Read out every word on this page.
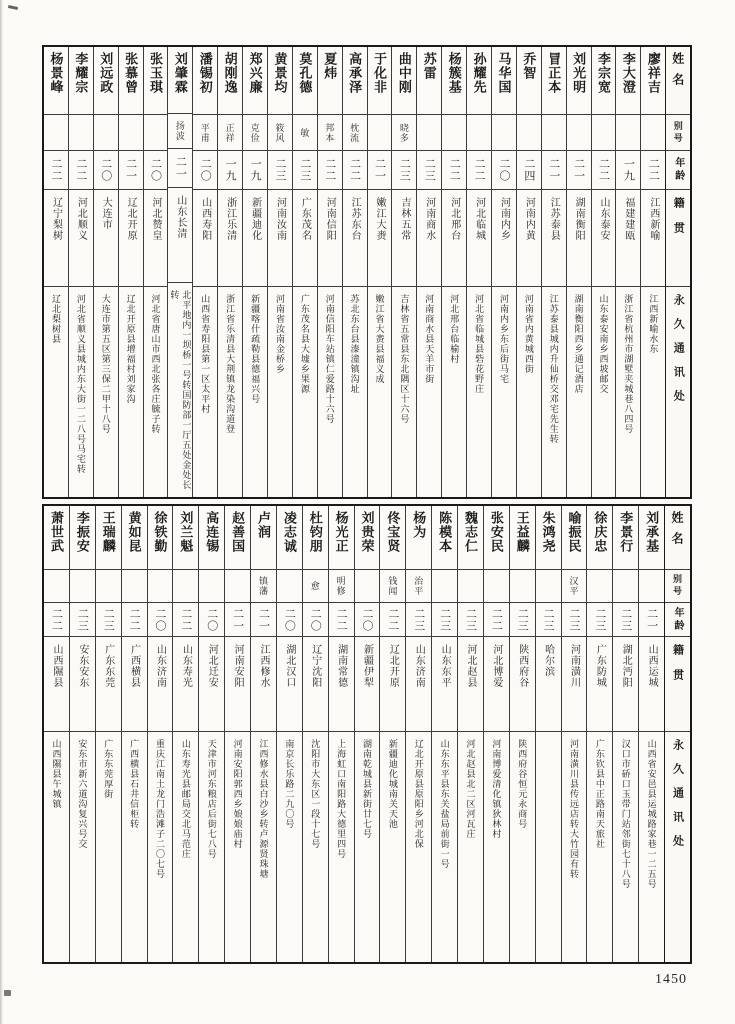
杨景峰
二二
辽宁梨树
辽北梨树县
李耀宗
二二
河北顺义
河北省顺义县城内东大街一二八号马宅转
刘远政
二〇
大连市
大连市第五区第三保二甲十八号
张慕曾
二一
辽北开原
辽北开原县增福村刘家沟
张玉琪
二〇
河北赞皇
河北省唐山市西北张各庄毓子转
刘肇霖
扬波
二一
山东长清
北平地内一坝桥一号转国防部一厅五处金处长转
潘锡初
平甫
二〇
山西寿阳
山西省寿阳县第一区太平村
胡刚逸
正祥
一九
浙江乐清
浙江省乐清县大荆镇龙染沟道登
郑兴廉
克俭
一九
新疆迪化
新疆喀什疏勒县德福兴号
黄景均
筱风
二三
河南汝南
河南省汝南金桥乡
莫孔德
敏
二三
广东茂名
广东茂名县大墟乡果源
夏炜
邦本
二二
河南信阳
河南信阳车站镇仁爱路十六号
高承泽
枕流
二二
江苏东台
苏北东台县溱潼镇沟址
于化非
二一
嫩江大赉
嫩江省大赉县福义成
曲中刚
晓多
二三
吉林五常
吉林省五常县东北隅区十六号
苏雷
二三
河南商水
河南商水县天羊市街
杨簇基
二二
河北邢台
河北邢台临榆村
孙耀先
二二
河北临城
河北省临城县砦花野庄
马华国
二〇
河南内乡
河南内乡东后街马宅
乔智
二四
河南内黄
河南省内黄城西街
冒正本
二一
江苏泰县
江苏泰县城内升仙桥交邓宅先生转
刘光明
二一
湖南衡阳
湖南衡阳西乡通记酒店
李宗宽
二二
山东泰安
山东泰安南乡西坡邮交
李大澄
一九
福建建瓯
浙江省杭州市湖墅夹城巷八四号
廖祥吉
二二
江西新喻
江西新喻水东
姓名
别号
年龄
籍贯
永久通讯处
萧世武
二二
山西隰县
山西隰县午城镇
李振安
二三
安东安东
安东市新六道沟复兴号交
王瑞麟
二三
广东东莞
广东东莞厚街
黄如昆
二二
广西横县
广西横县石井信柜转
徐铁勤
二〇
山东济南
重庆江南土龙门浩滩子二〇七号
刘兰魁
二二
山东寿光
山东寿光县邮局交北马范庄
高连锡
二〇
河北迁安
天津市河东粮店后街七八号
赵善国
二一
河南安阳
河南安阳郭西乡娘娘庙村
卢润
镇藩
二一
江西修水
江西修水县白沙乡转卢源贤珠塘
凌志诚
二〇
湖北汉口
南京长乐路二九〇号
杜钧朋
愈
二〇
辽宁沈阳
沈阳市大东区一段十七号
杨光正
明修
二二
湖南常德
上海虹口南阳路大德里四号
刘贵荣
二〇
新疆伊犁
湖南乾城县新街廿七号
佟宝贤
钱闻
二二
辽北开原
新疆迪化城南关天池
杨为
治平
二三
山东济南
辽北开原县原阳乡河北保
陈模本
二三
山东东平
山东东平县东关盐局前街一号
魏志仁
二三
河北赵县
河北赵县北二区河瓦庄
张安民
二二
河北博爱
河南博爱清化镇狄林村
王益麟
二三
陕西府谷
陕西府谷恒元永商号
朱鸿尧
二三
哈尔滨
喻振民
汉平
二三
河南潢川
河南潢川县传远店转大竹园有转
徐庆忠
二三
广东防城
广东钦县中正路南天旅社
李景行
二三
湖北沔阳
汉口市硚口玉带门站邻街七十八号
刘承基
二一
山西运城
山西省安邑县运城路家巷一二五号
姓名
别号
年龄
籍贯
永久通讯处
1450
